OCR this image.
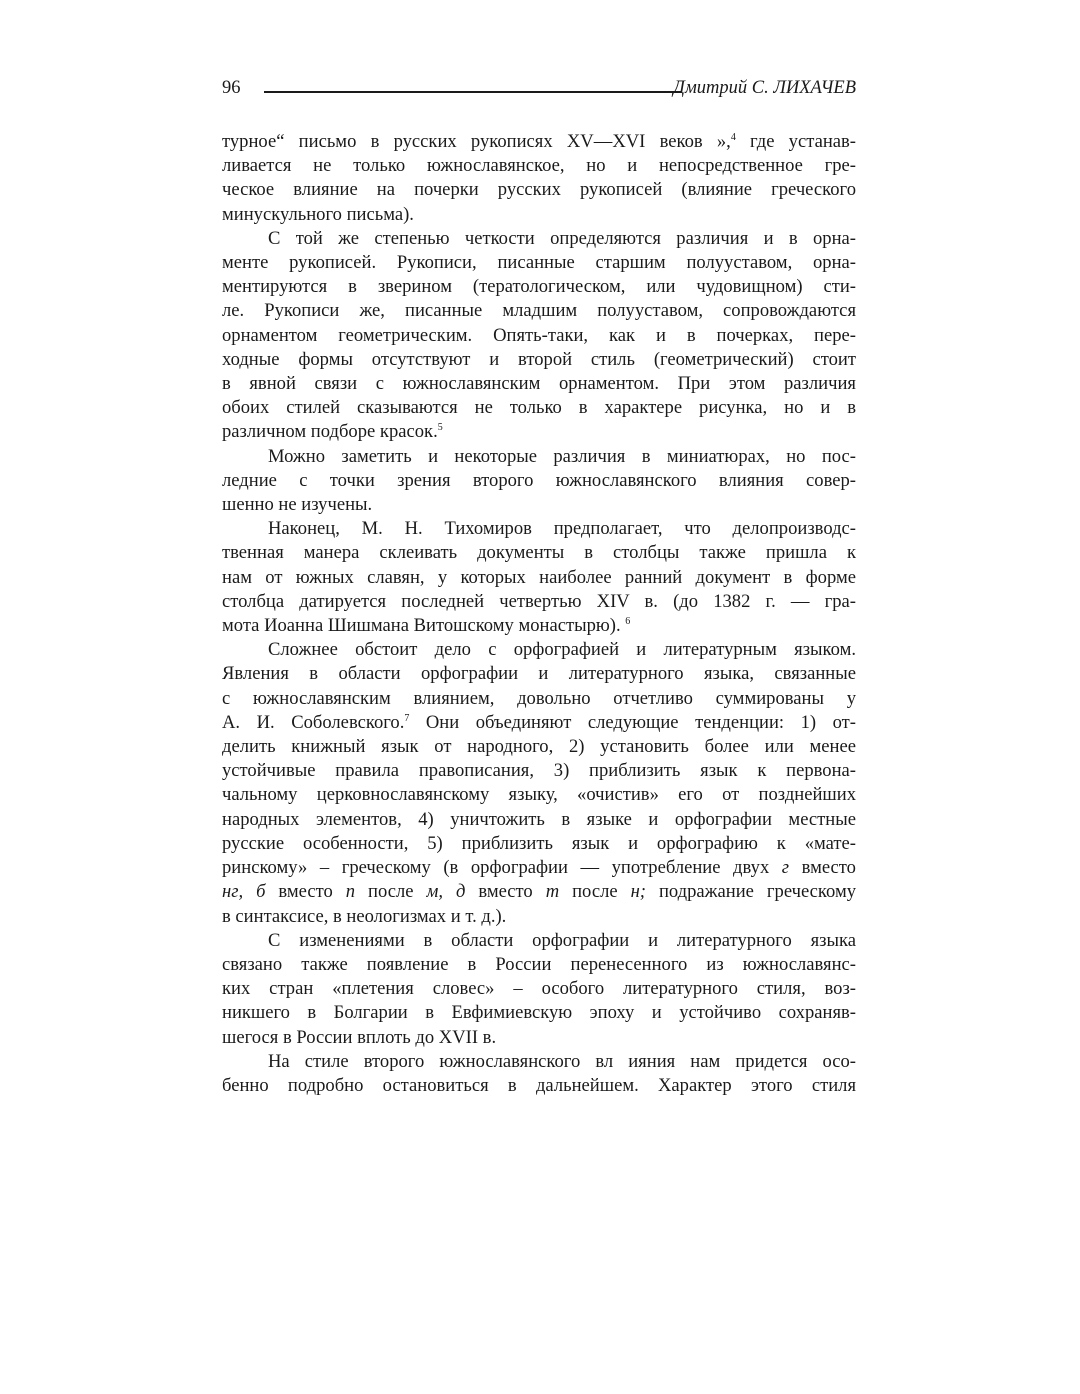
96	Дмитрий С. ЛИХАЧЕВ
турное“ письмо в русских рукописях XV—XVI веков »,$^4$ где устанав-
ливается не только южнославянское, но и непосредственное гре-
ческое влияние на почерки русских рукописей (влияние греческого
минускульного письма).
С той же степенью четкости определяются различия и в орна-
менте рукописей. Рукописи, писанные старшим полууставом, орна-
ментируются в зверином (тератологическом, или чудовищном) сти-
ле. Рукописи же, писанные младшим полууставом, сопровождаются
орнаментом геометрическим. Опять-таки, как и в почерках, пере-
ходные формы отсутствуют и второй стиль (геометрический) стоит
в явной связи с южнославянским орнаментом. При этом различия
обоих стилей сказываются не только в характере рисунка, но и в
различном подборе красок.$^5$
Можно заметить и некоторые различия в миниатюрах, но пос-
ледние с точки зрения второго южнославянского влияния совер-
шенно не изучены.
Наконец, М. Н. Тихомиров предполагает, что делопроизводс-
твенная манера склеивать документы в столбцы также пришла к
нам от южных славян, у которых наиболее ранний документ в форме
столбца датируется последней четвертью XIV в. (до 1382 г. — гра-
мота Иоанна Шишмана Витошскому монастырю). $^6$
Сложнее обстоит дело с орфографией и литературным языком.
Явления в области орфографии и литературного языка, связанные
с южнославянским влиянием, довольно отчетливо суммированы у
А. И. Соболевского.$^7$ Они объединяют следующие тенденции: 1) от-
делить книжный язык от народного, 2) установить более или менее
устойчивые правила правописания, 3) приблизить язык к первона-
чальному церковнославянскому языку, «очистив» его от позднейших
народных элементов, 4) уничтожить в языке и орфографии местные
русские особенности, 5) приблизить язык и орфографию к «мате-
ринскому» – греческому (в орфографии — употребление двух г вместо
нг, б вместо п после м, д вместо т после н; подражание греческому
в синтаксисе, в неологизмах и т. д.).
С изменениями в области орфографии и литературного языка
связано также появление в России перенесенного из южнославянс-
ких стран «плетения словес» – особого литературного стиля, воз-
никшего в Болгарии в Евфимиевскую эпоху и устойчиво сохраняв-
шегося в России вплоть до XVII в.
На стиле второго южнославянского вл ияния нам придется осо-
бенно подробно остановиться в дальнейшем. Характер этого стиля
